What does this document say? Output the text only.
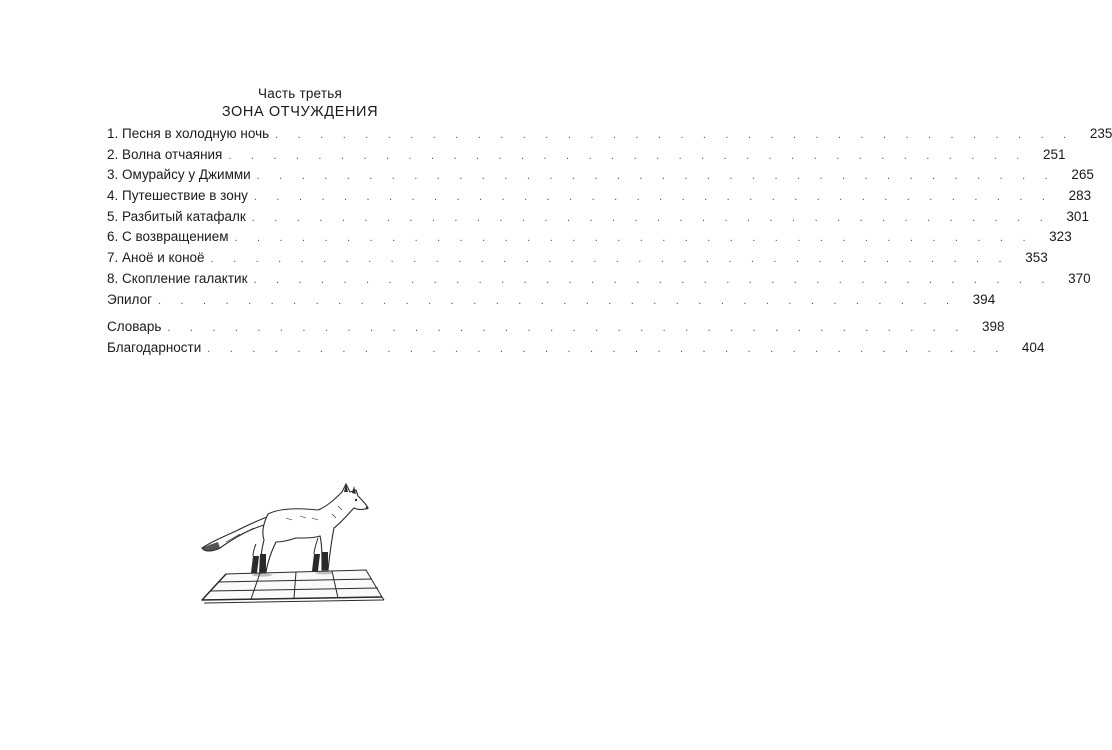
Часть третья
ЗОНА ОТЧУЖДЕНИЯ
1. Песня в холодную ночь . . . . . . . . . . . . . . . . . . . . . . . . . . . . . . . . . . . .	235
2. Волна отчаяния . . . . . . . . . . . . . . . . . . . . . . . . . . . . . . . . . . . .	251
3. Омурайсу у Джимми . . . . . . . . . . . . . . . . . . . . . . . . . . . . . . . . . . . .	265
4. Путешествие в зону . . . . . . . . . . . . . . . . . . . . . . . . . . . . . . . . . . . .	283
5. Разбитый катафалк . . . . . . . . . . . . . . . . . . . . . . . . . . . . . . . . . . . .	301
6. С возвращением . . . . . . . . . . . . . . . . . . . . . . . . . . . . . . . . . . . .	323
7. Аноё и коноё . . . . . . . . . . . . . . . . . . . . . . . . . . . . . . . . . . . .	353
8. Скопление галактик . . . . . . . . . . . . . . . . . . . . . . . . . . . . . . . . . . . .	370
Эпилог . . . . . . . . . . . . . . . . . . . . . . . . . . . . . . . . . . . .	394
Словарь . . . . . . . . . . . . . . . . . . . . . . . . . . . . . . . . . . . .	398
Благодарности . . . . . . . . . . . . . . . . . . . . . . . . . . . . . . . . . . . .	404
